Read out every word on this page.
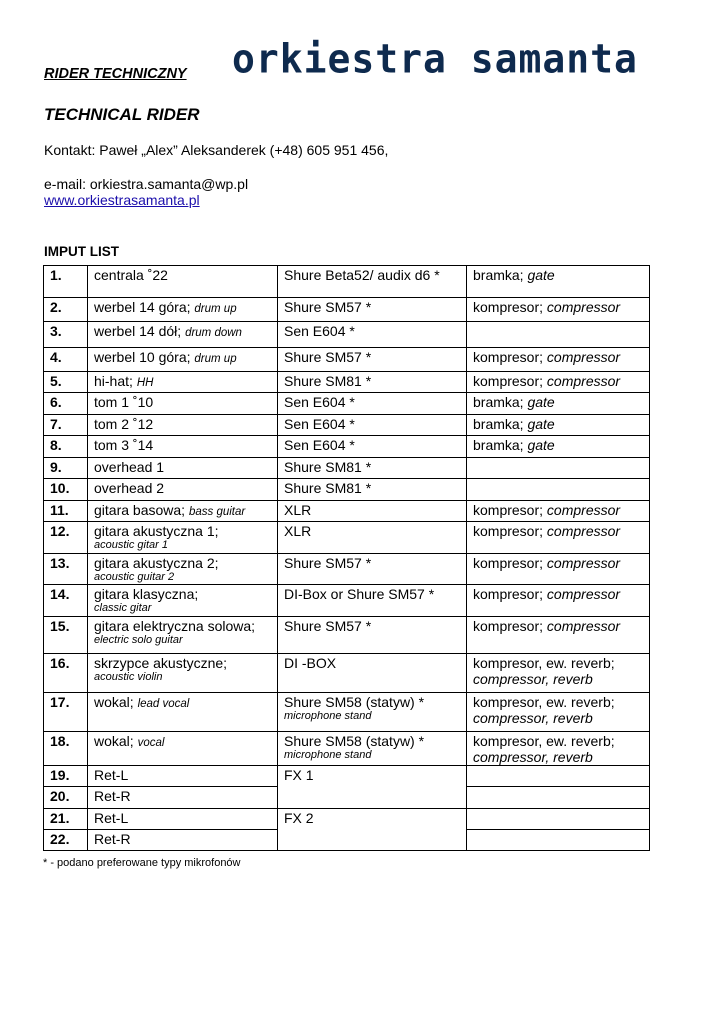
RIDER TECHNICZNY orkiestra samanta
TECHNICAL RIDER
Kontakt: Paweł „Alex” Aleksanderek (+48) 605 951 456,
e-mail: orkiestra.samanta@wp.pl
www.orkiestrasamanta.pl
IMPUT LIST
1.	centrala ˚22	Shure Beta52/ audix d6 *	bramka; gate
2.	werbel 14 góra; drum up	Shure SM57 *	kompresor; compressor
3.	werbel 14 dół; drum down	Sen E604 *	
4.	werbel 10 góra; drum up	Shure SM57 *	kompresor; compressor
5.	hi-hat; HH	Shure SM81 *	kompresor; compressor
6.	tom 1 ˚10	Sen E604 *	bramka; gate
7.	tom 2 ˚12	Sen E604 *	bramka; gate
8.	tom 3 ˚14	Sen E604 *	bramka; gate
9.	overhead 1	Shure SM81 *	
10.	overhead 2	Shure SM81 *	
11.	gitara basowa; bass guitar	XLR	kompresor; compressor
12.	gitara akustyczna 1;
acoustic gitar 1	XLR	kompresor; compressor
13.	gitara akustyczna 2;
acoustic guitar 2	Shure SM57 *	kompresor; compressor
14.	gitara klasyczna;
classic gitar	DI-Box or Shure SM57 *	kompresor; compressor
15.	gitara elektryczna solowa;
electric solo guitar	Shure SM57 *	kompresor; compressor
16.	skrzypce akustyczne;
acoustic violin	DI -BOX	kompresor, ew. reverb;
compressor, reverb

17.	wokal; lead vocal	Shure SM58 (statyw) *
microphone stand	kompresor, ew. reverb;
compressor, reverb

18.	wokal; vocal	Shure SM58 (statyw) *
microphone stand	kompresor, ew. reverb;
compressor, reverb

19.	Ret-L	FX 1	
20.	Ret-R		
21.	Ret-L	FX 2	
22.	Ret-R		
* - podano preferowane typy mikrofonów
